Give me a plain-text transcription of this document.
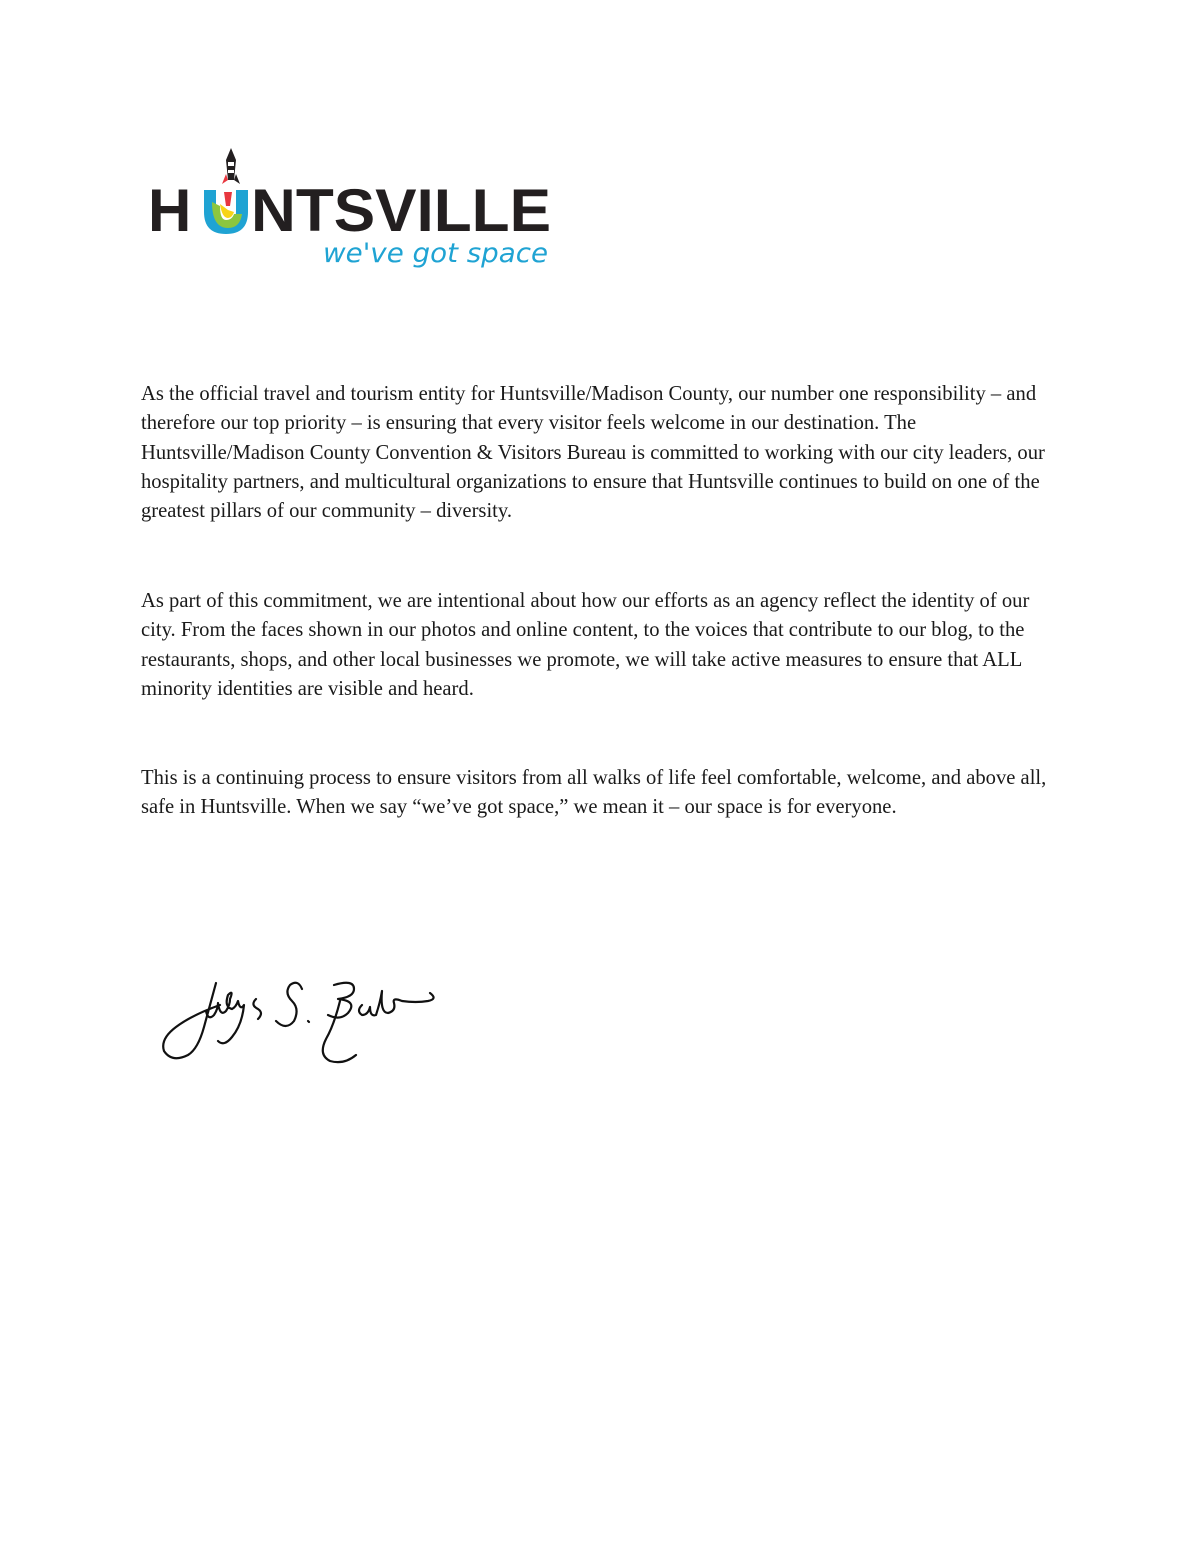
H NTSVILLE
we've got space

As the official travel and tourism entity for Huntsville/Madison County, our number one responsibility – and therefore our top priority – is ensuring that every visitor feels welcome in our destination. The Huntsville/Madison County Convention & Visitors Bureau is committed to working with our city leaders, our hospitality partners, and multicultural organizations to ensure that Huntsville continues to build on one of the greatest pillars of our community – diversity.

As part of this commitment, we are intentional about how our efforts as an agency reflect the identity of our city. From the faces shown in our photos and online content, to the voices that contribute to our blog, to the restaurants, shops, and other local businesses we promote, we will take active measures to ensure that ALL minority identities are visible and heard.

This is a continuing process to ensure visitors from all walks of life feel comfortable, welcome, and above all, safe in Huntsville. When we say “we’ve got space,” we mean it – our space is for everyone.
